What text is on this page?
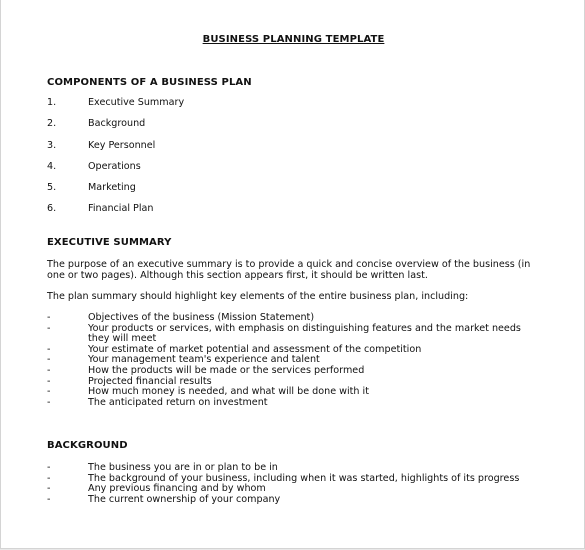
BUSINESS PLANNING TEMPLATE
COMPONENTS OF A BUSINESS PLAN
1.	Executive Summary
2.	Background
3.	Key Personnel
4.	Operations
5.	Marketing
6.	Financial Plan
EXECUTIVE SUMMARY

The purpose of an executive summary is to provide a quick and concise overview of the business (in one or two pages). Although this section appears first, it should be written last.

The plan summary should highlight key elements of the entire business plan, including:

-	Objectives of the business (Mission Statement)
-	Your products or services, with emphasis on distinguishing features and the market needs they will meet
-	Your estimate of market potential and assessment of the competition
-	Your management team's experience and talent
-	How the products will be made or the services performed
-	Projected financial results
-	How much money is needed, and what will be done with it
-	The anticipated return on investment
BACKGROUND
-	The business you are in or plan to be in
-	The background of your business, including when it was started, highlights of its progress
-	Any previous financing and by whom
-	The current ownership of your company
